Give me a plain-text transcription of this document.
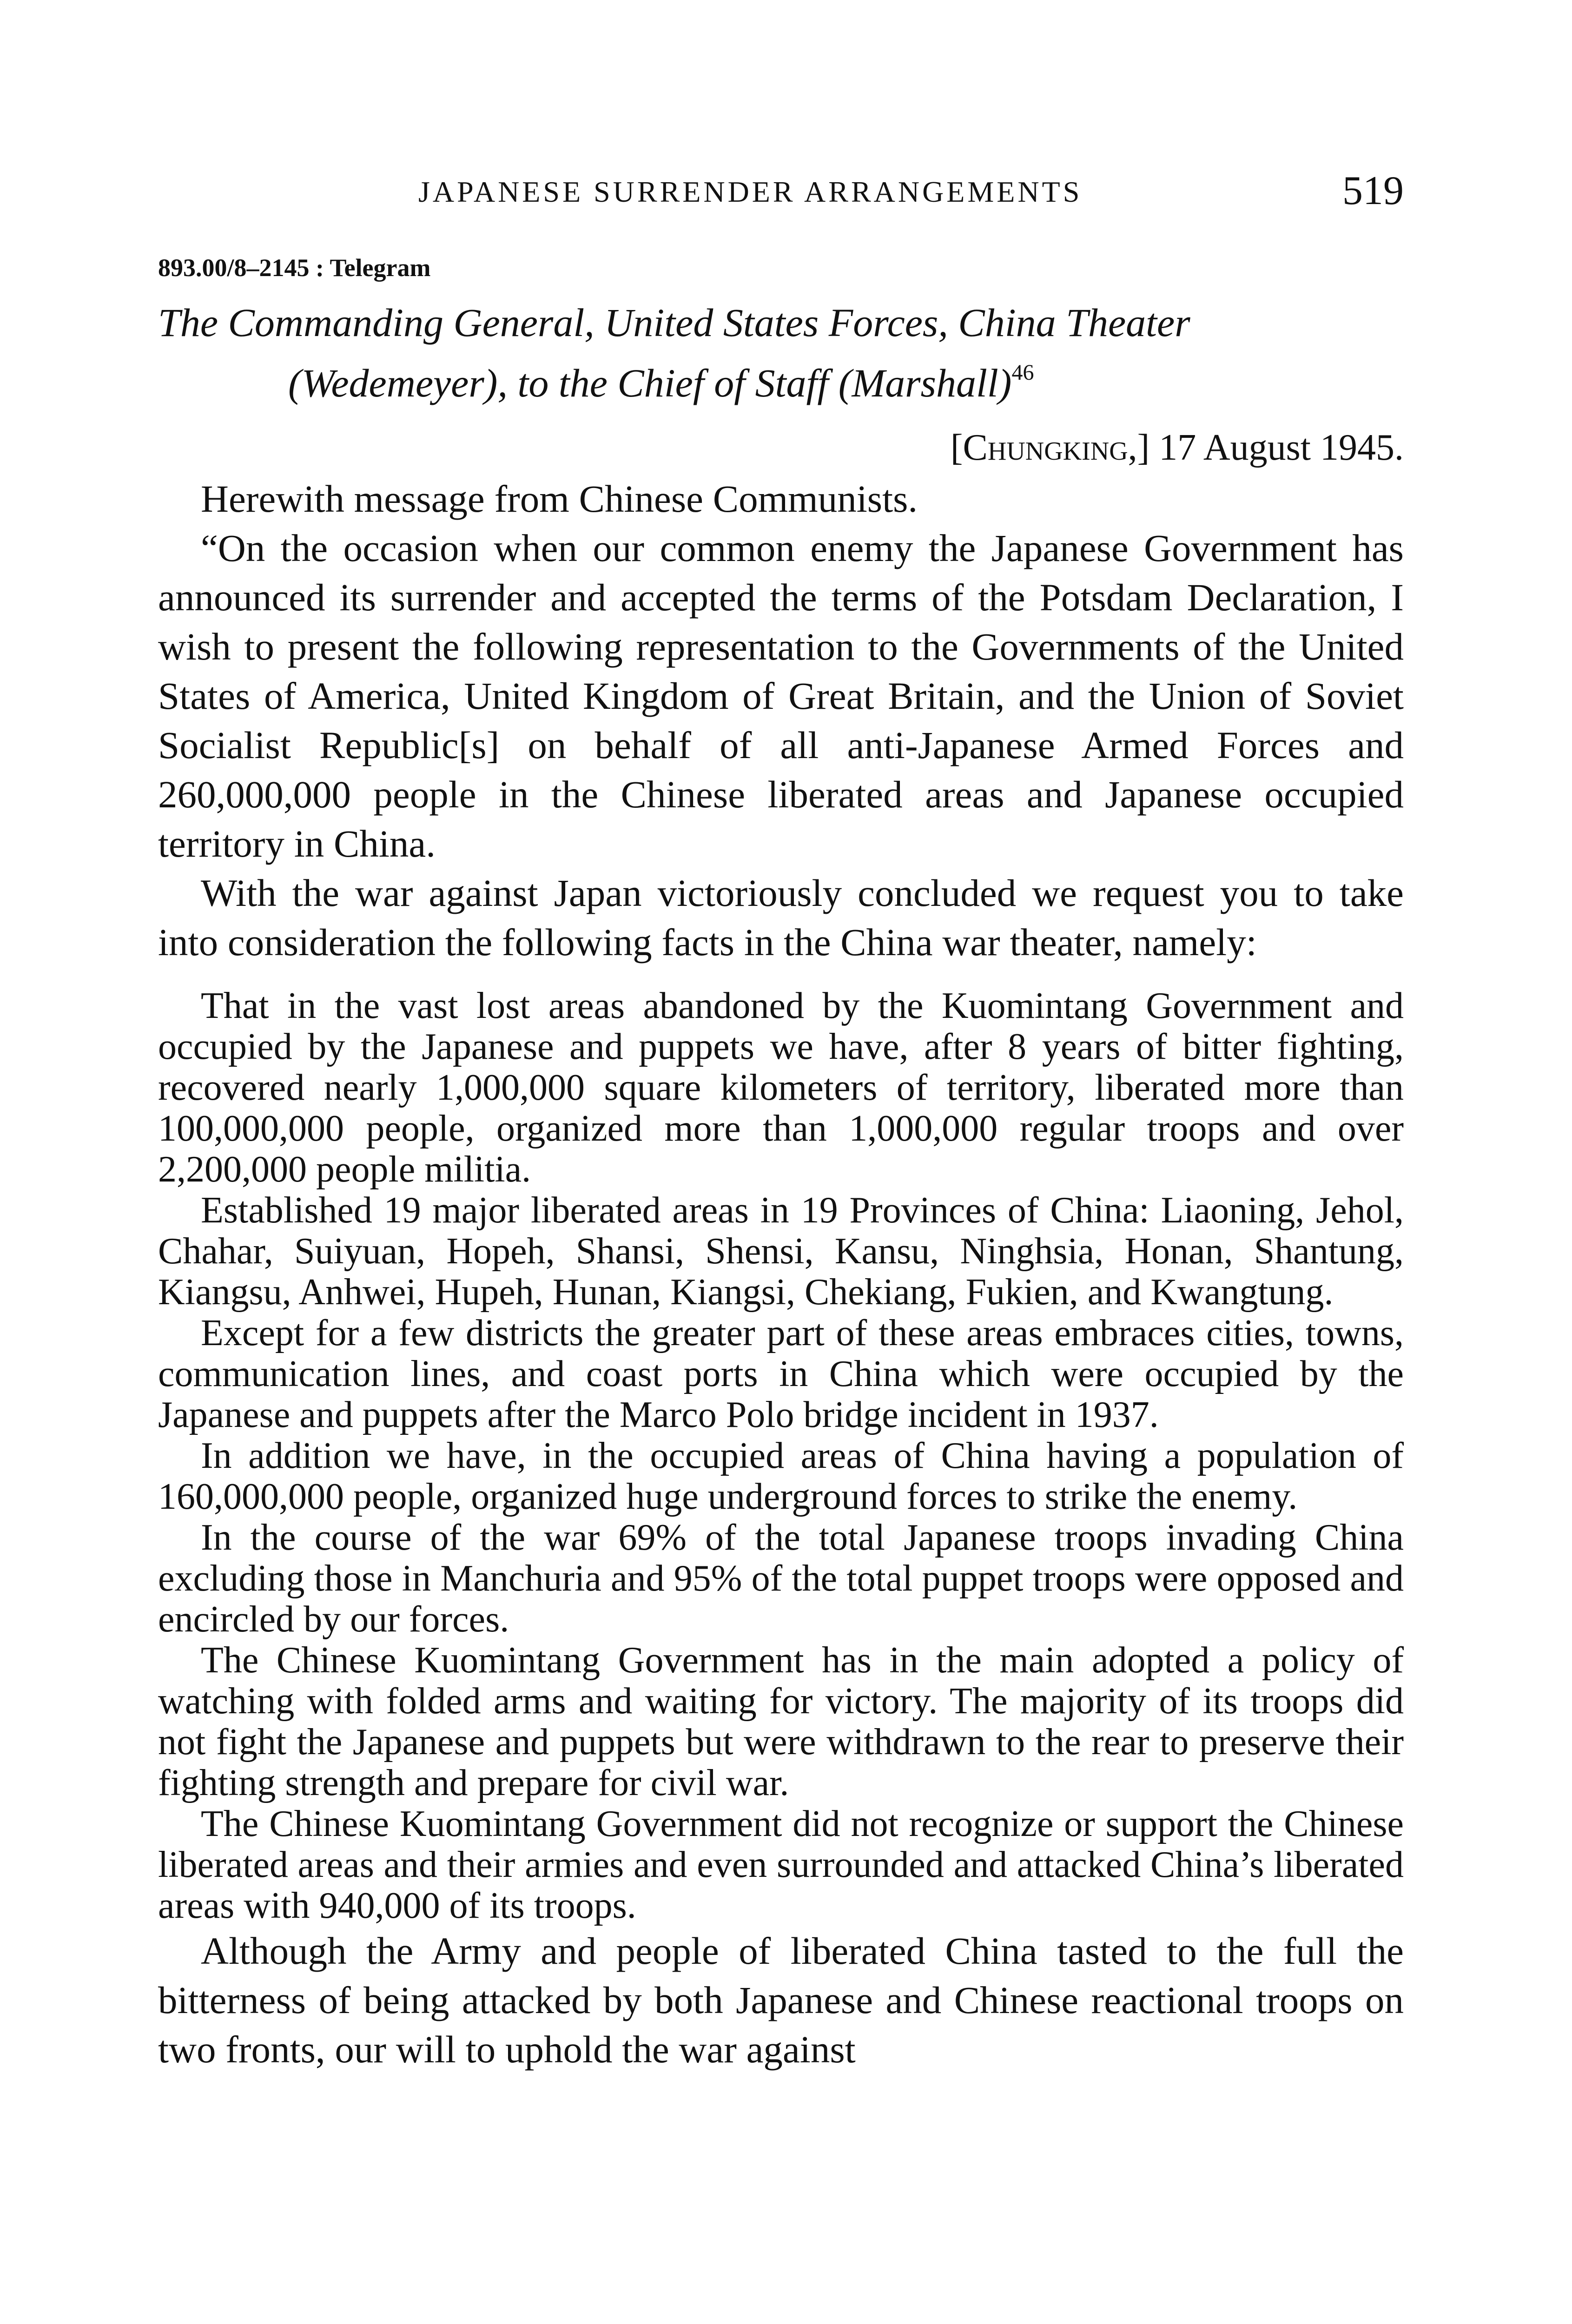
JAPANESE SURRENDER ARRANGEMENTS	519
893.00/8–2145 : Telegram
The Commanding General, United States Forces, China Theater
(Wedemeyer), to the Chief of Staff (Marshall)$^{46}$
[Chungking,] 17 August 1945.

Herewith message from Chinese Communists.

“On the occasion when our common enemy the Japanese Government has announced its surrender and accepted the terms of the Potsdam Declaration, I wish to present the following representation to the Governments of the United States of America, United Kingdom of Great Britain, and the Union of Soviet Socialist Republic[s] on behalf of all anti-Japanese Armed Forces and 260,000,000 people in the Chinese liberated areas and Japanese occupied territory in China.

With the war against Japan victoriously concluded we request you to take into consideration the following facts in the China war theater, namely:

That in the vast lost areas abandoned by the Kuomintang Government and occupied by the Japanese and puppets we have, after 8 years of bitter fighting, recovered nearly 1,000,000 square kilometers of territory, liberated more than 100,000,000 people, organized more than 1,000,000 regular troops and over 2,200,000 people militia.

Established 19 major liberated areas in 19 Provinces of China: Liaoning, Jehol, Chahar, Suiyuan, Hopeh, Shansi, Shensi, Kansu, Ninghsia, Honan, Shantung, Kiangsu, Anhwei, Hupeh, Hunan, Kiangsi, Chekiang, Fukien, and Kwangtung.

Except for a few districts the greater part of these areas embraces cities, towns, communication lines, and coast ports in China which were occupied by the Japanese and puppets after the Marco Polo bridge incident in 1937.

In addition we have, in the occupied areas of China having a population of 160,000,000 people, organized huge underground forces to strike the enemy.

In the course of the war 69% of the total Japanese troops invading China excluding those in Manchuria and 95% of the total puppet troops were opposed and encircled by our forces.

The Chinese Kuomintang Government has in the main adopted a policy of watching with folded arms and waiting for victory. The majority of its troops did not fight the Japanese and puppets but were withdrawn to the rear to preserve their fighting strength and prepare for civil war.

The Chinese Kuomintang Government did not recognize or support the Chinese liberated areas and their armies and even surrounded and attacked China’s liberated areas with 940,000 of its troops.

Although the Army and people of liberated China tasted to the full the bitterness of being attacked by both Japanese and Chinese reactional troops on two fronts, our will to uphold the war against
